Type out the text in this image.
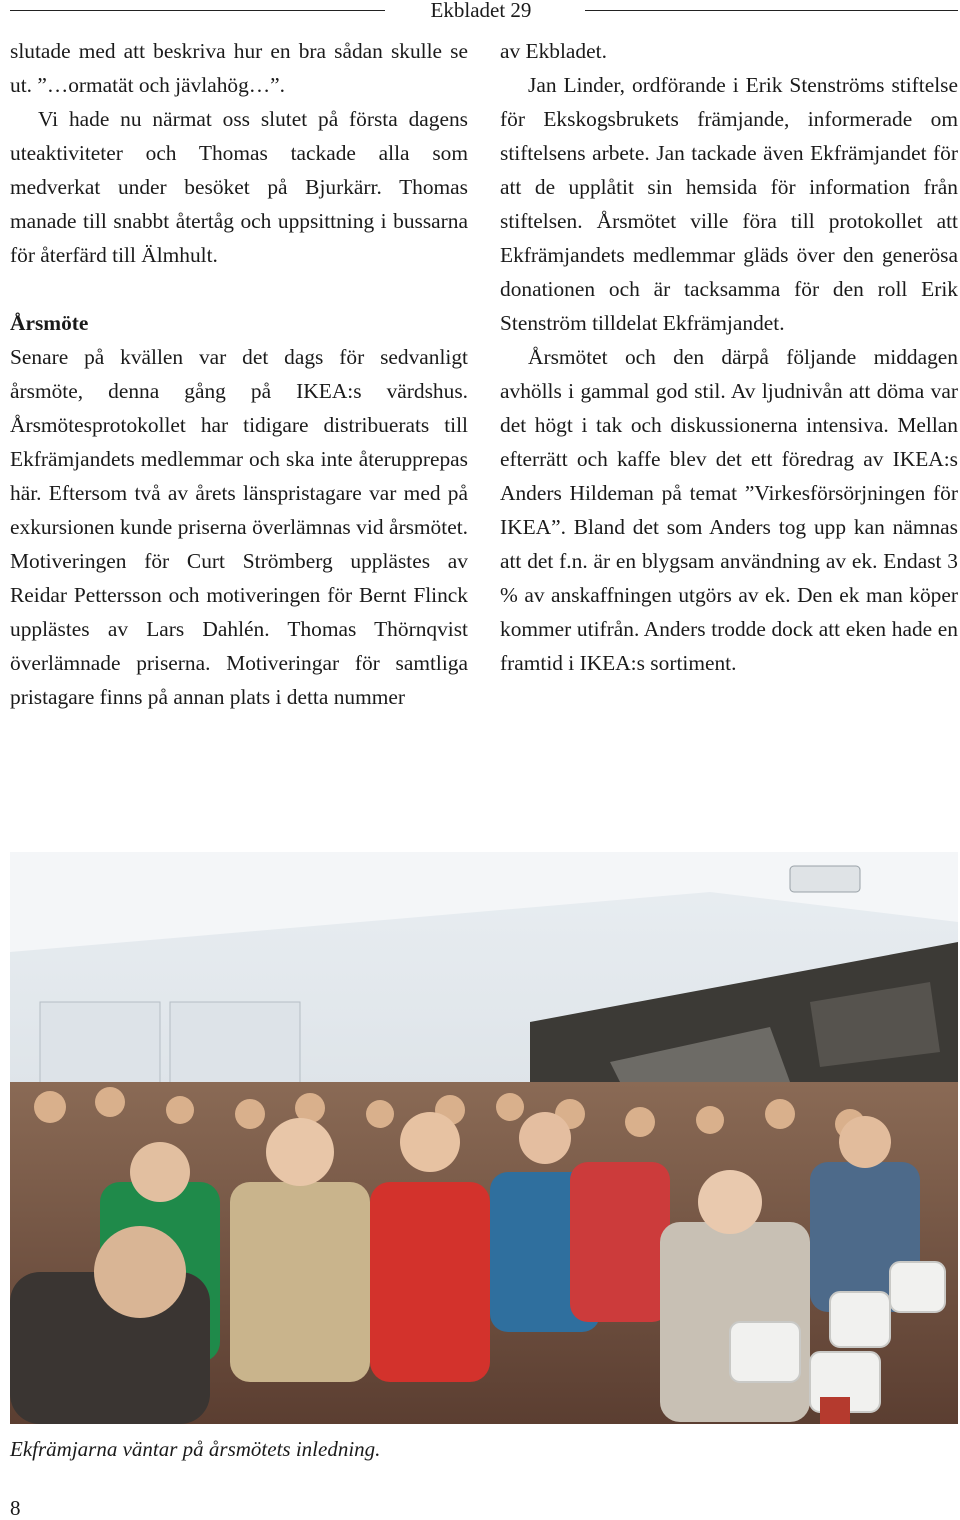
Ekbladet 29

slutade med att beskriva hur en bra sådan skulle se ut. ”…ormatät och jävlahög…”.

Vi hade nu närmat oss slutet på första dagens uteaktiviteter och Thomas tackade alla som medverkat under besöket på Bjurkärr. Thomas manade till snabbt återtåg och uppsittning i bussarna för återfärd till Älmhult.

Årsmöte

Senare på kvällen var det dags för sedvanligt årsmöte, denna gång på IKEA:s värdshus. Årsmötesprotokollet har tidigare distribuerats till Ekfrämjandets medlemmar och ska inte återupprepas här. Eftersom två av årets länspristagare var med på exkursionen kunde priserna överlämnas vid årsmötet. Motiveringen för Curt Strömberg upplästes av Reidar Pettersson och motiveringen för Bernt Flinck upplästes av Lars Dahlén. Thomas Thörnqvist överlämnade priserna. Motiveringar för samtliga pristagare finns på annan plats i detta nummer

av Ekbladet.

Jan Linder, ordförande i Erik Stenströms stiftelse för Ekskogsbrukets främjande, informerade om stiftelsens arbete. Jan tackade även Ekfrämjandet för att de upplåtit sin hemsida för information från stiftelsen. Årsmötet ville föra till protokollet att Ekfrämjandets medlemmar gläds över den generösa donationen och är tacksamma för den roll Erik Stenström tilldelat Ekfrämjandet.

Årsmötet och den därpå följande middagen avhölls i gammal god stil. Av ljudnivån att döma var det högt i tak och diskussionerna intensiva. Mellan efterrätt och kaffe blev det ett föredrag av IKEA:s Anders Hildeman på temat ”Virkesförsörjningen för IKEA”. Bland det som Anders tog upp kan nämnas att det f.n. är en blygsam användning av ek. Endast 3 % av anskaffningen utgörs av ek. Den ek man köper kommer utifrån. Anders trodde dock att eken hade en framtid i IKEA:s sortiment.

Ekfrämjarna väntar på årsmötets inledning.
8
